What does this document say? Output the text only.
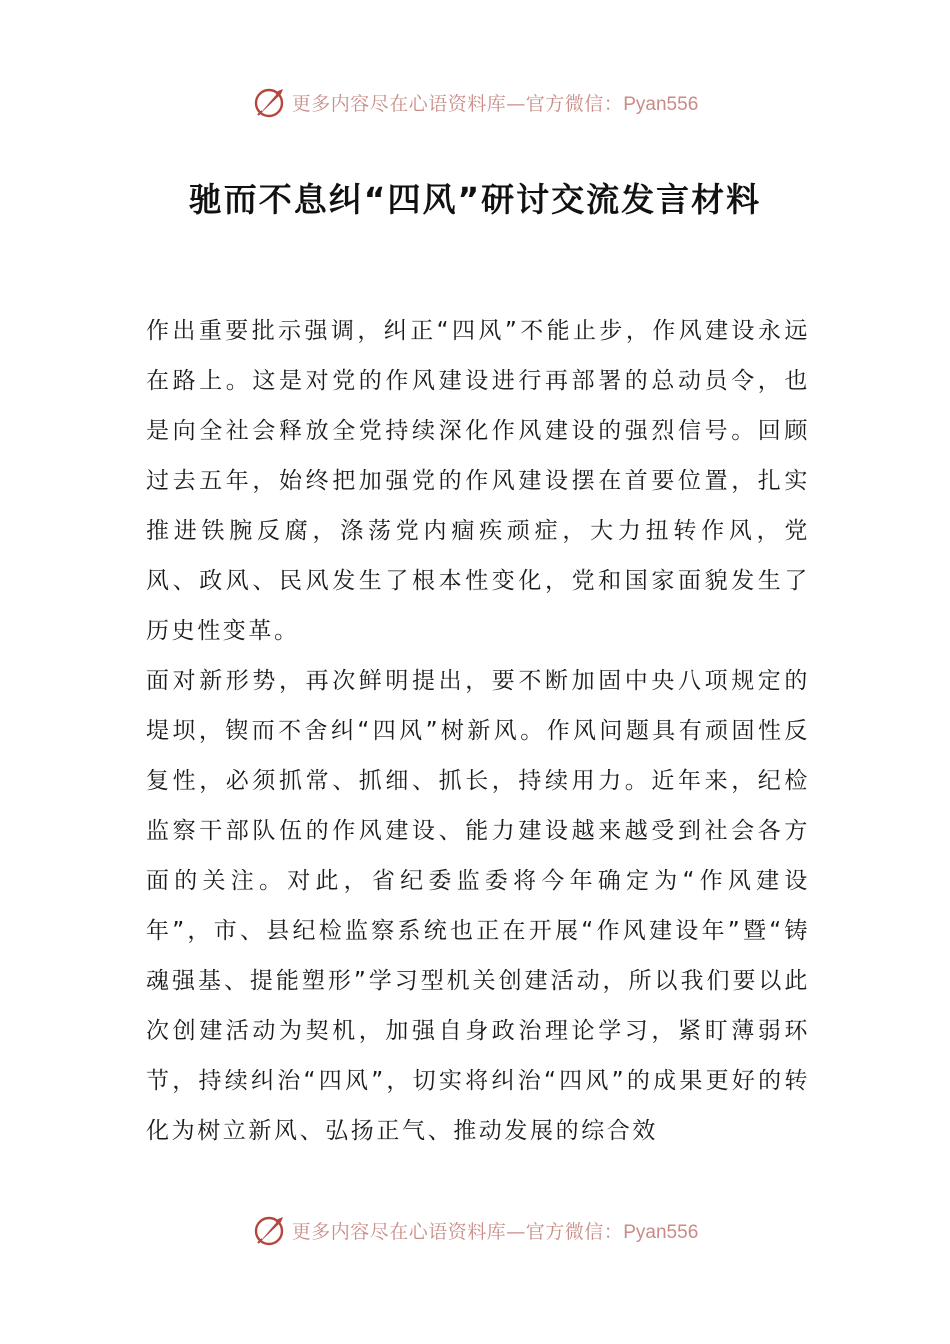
更多内容尽在心语资料库—官方微信：Pyan556
驰而不息纠“四风”研讨交流发言材料

作出重要批示强调，纠正“四风”不能止步，作风建设永远在路上。这是对党的作风建设进行再部署的总动员令，也是向全社会释放全党持续深化作风建设的强烈信号。回顾过去五年，始终把加强党的作风建设摆在首要位置，扎实推进铁腕反腐，涤荡党内痼疾顽症，大力扭转作风，党风、政风、民风发生了根本性变化，党和国家面貌发生了历史性变革。

面对新形势，再次鲜明提出，要不断加固中央八项规定的堤坝，锲而不舍纠“四风”树新风。作风问题具有顽固性反复性，必须抓常、抓细、抓长，持续用力。近年来，纪检监察干部队伍的作风建设、能力建设越来越受到社会各方面的关注。对此，省纪委监委将今年确定为“作风建设年”，市、县纪检监察系统也正在开展“作风建设年”暨“铸魂强基、提能塑形”学习型机关创建活动，所以我们要以此次创建活动为契机，加强自身政治理论学习，紧盯薄弱环节，持续纠治“四风”，切实将纠治“四风”的成果更好的转化为树立新风、弘扬正气、推动发展的综合效

更多内容尽在心语资料库—官方微信：Pyan556
